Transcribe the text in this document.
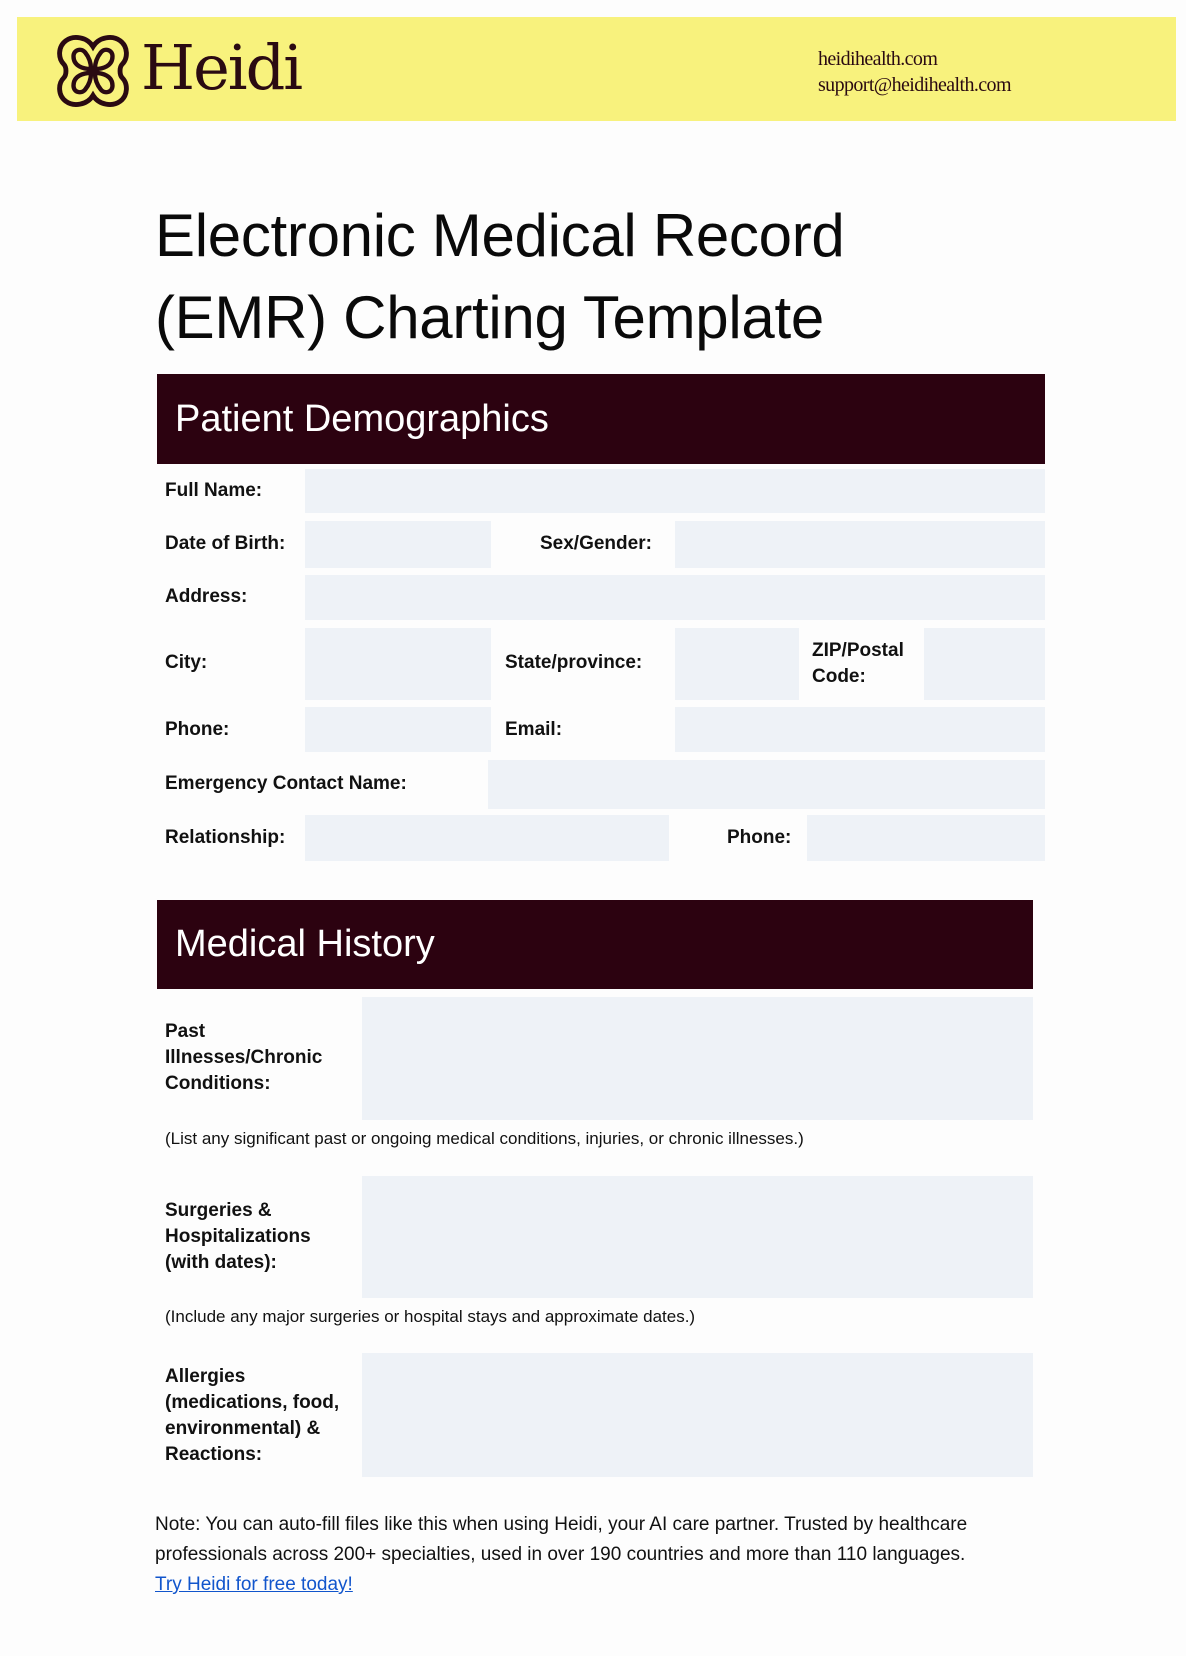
Heidi	heidihealth.com
support@heidihealth.com
Electronic Medical Record
(EMR) Charting Template
Patient Demographics
Full Name:
Date of Birth:	Sex/Gender:
Address:
City:	State/province:
ZIP/Postal
Code:
Phone:	Email:
Emergency Contact Name:
Relationship:	Phone:
Medical History
Past
Illnesses/Chronic
Conditions:
(List any significant past or ongoing medical conditions, injuries, or chronic illnesses.)
Surgeries &
Hospitalizations
(with dates):
(Include any major surgeries or hospital stays and approximate dates.)
Allergies
(medications, food,
environmental) &
Reactions:
Note: You can auto-fill files like this when using Heidi, your AI care partner. Trusted by healthcare
professionals across 200+ specialties, used in over 190 countries and more than 110 languages.
Try Heidi for free today!
